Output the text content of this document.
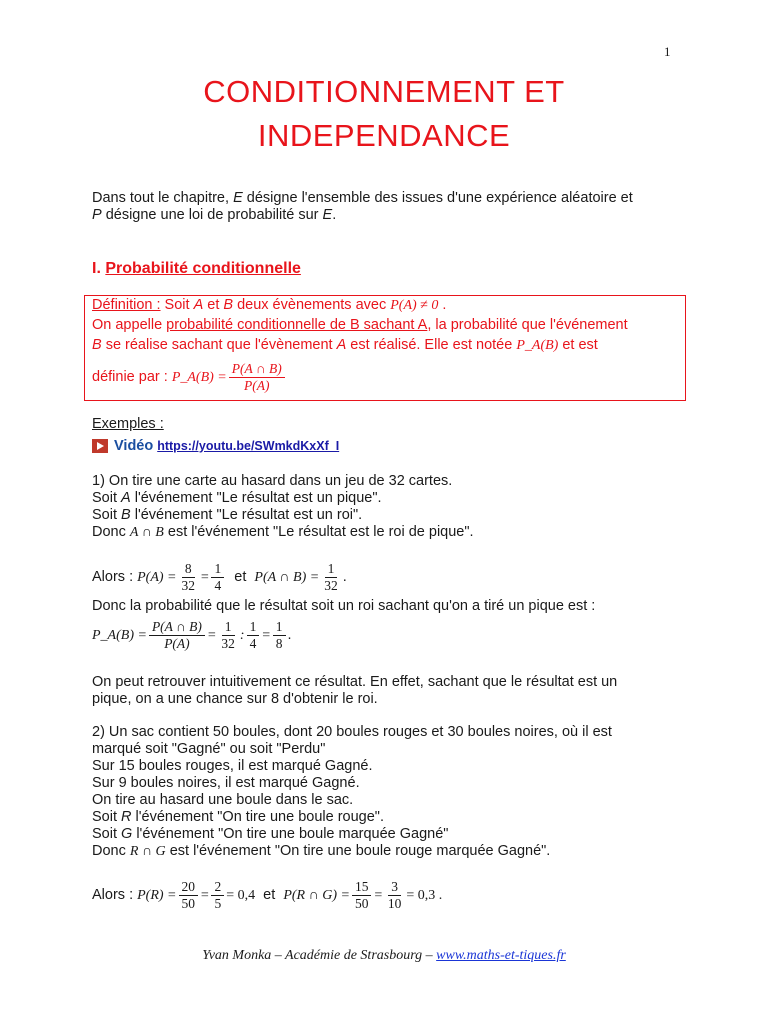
1
CONDITIONNEMENT ET
INDEPENDANCE
Dans tout le chapitre, E désigne l'ensemble des issues d'une expérience aléatoire et
P désigne une loi de probabilité sur E.
I. Probabilité conditionnelle
Définition : Soit A et B deux évènements avec P(A) ≠ 0 .
On appelle probabilité conditionnelle de B sachant A, la probabilité que l'événement
B se réalise sachant que l'évènement A est réalisé. Elle est notée P_A(B) et est
définie par : P_A(B) = $\frac{P(A \cap B)}{P(A)}$
Exemples :
Vidéo https://youtu.be/SWmkdKxXf_I
1) On tire une carte au hasard dans un jeu de 32 cartes.
Soit A l'événement "Le résultat est un pique".
Soit B l'événement "Le résultat est un roi".
Donc A ∩ B est l'événement "Le résultat est le roi de pique".
Alors : $P(A) = \frac{8}{32} = \frac{1}{4}$ et P(A ∩ $B) = \frac{1}{32}$ .
Donc la probabilité que le résultat soit un roi sachant qu'on a tiré un pique est :
P_A(B) = $\frac{P(A \cap B)}{P(A)} = \frac{1}{32}$ : $\frac{1}{4} = \frac{1}{8}$ .
On peut retrouver intuitivement ce résultat. En effet, sachant que le résultat est un
pique, on a une chance sur 8 d'obtenir le roi.
2) Un sac contient 50 boules, dont 20 boules rouges et 30 boules noires, où il est
marqué soit "Gagné" ou soit "Perdu"
Sur 15 boules rouges, il est marqué Gagné.
Sur 9 boules noires, il est marqué Gagné.
On tire au hasard une boule dans le sac.
Soit R l'événement "On tire une boule rouge".
Soit G l'événement "On tire une boule marquée Gagné"
Donc R ∩ G est l'événement "On tire une boule rouge marquée Gagné".
Alors : $P(R) = \frac{20}{50} = \frac{2}{5} = 0,4$ et P(R ∩ $G) = \frac{15}{50} = \frac{3}{10} = 0,3$ .
Yvan Monka – Académie de Strasbourg – www.maths-et-tiques.fr
